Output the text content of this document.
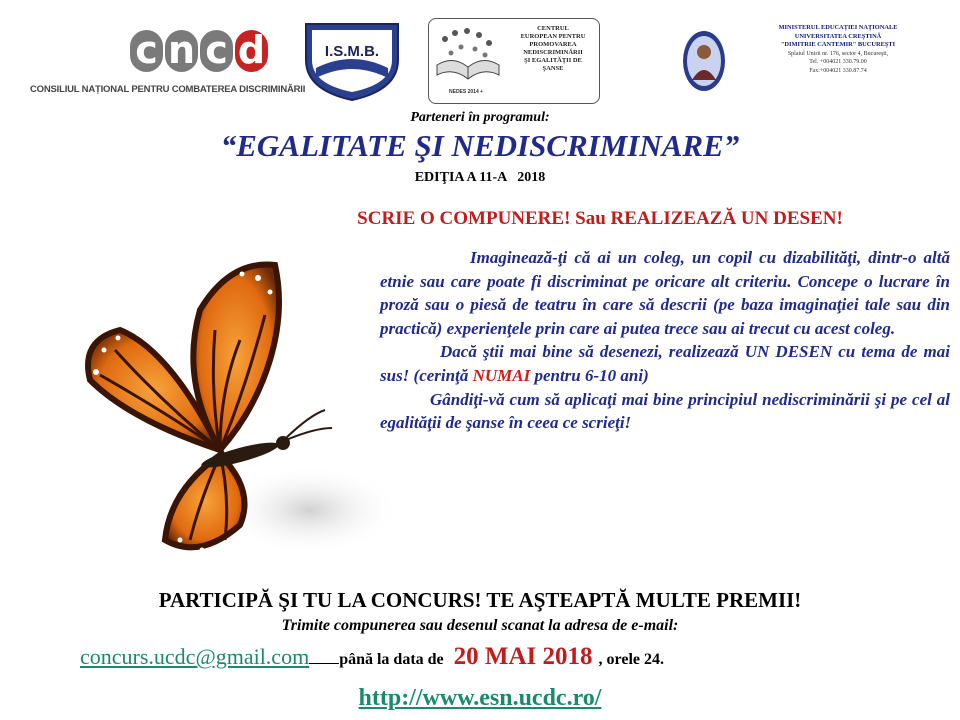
c n c d
CONSILIUL NAȚIONAL PENTRU COMBATEREA DISCRIMINĂRII
I.S.M.B.
CENTRUL
EUROPEAN PENTRU
PROMOVAREA
NEDISCRIMINĂRII
ŞI EGALITĂŢII DE
ŞANSE
NEDES 2014 +
MINISTERUL EDUCAŢIEI NAŢIONALE
UNIVERSITATEA CREŞTINĂ
"DIMITRIE CANTEMIR" BUCUREŞTI
Splaiul Unirii nr. 176, sector 4, Bucureşti,
Tel. +004021 330.79.00
Fax:+004021 330.87.74
Parteneri în programul:
“EGALITATE ŞI NEDISCRIMINARE”
EDIŢIA A 11-A 2018
SCRIE O COMPUNERE! Sau REALIZEAZĂ UN DESEN!

Imaginează-ţi că ai un coleg, un copil cu dizabilităţi, dintr-o altă etnie sau care poate fi discriminat pe oricare alt criteriu. Concepe o lucrare în proză sau o piesă de teatru în care să descrii (pe baza imaginaţiei tale sau din practică) experienţele prin care ai putea trece sau ai trecut cu acest coleg.

Dacă ştii mai bine să desenezi, realizează UN DESEN cu tema de mai sus! (cerinţă NUMAI pentru 6-10 ani)

Gândiţi-vă cum să aplicaţi mai bine principiul nediscriminării şi pe cel al egalităţii de şanse în ceea ce scrieţi!

PARTICIPĂ ŞI TU LA CONCURS! TE AŞTEAPTĂ MULTE PREMII!
Trimite compunerea sau desenul scanat la adresa de e-mail:
concurs.ucdc@gmail.com până la data de 20 MAI 2018 , orele 24.
http://www.esn.ucdc.ro/
